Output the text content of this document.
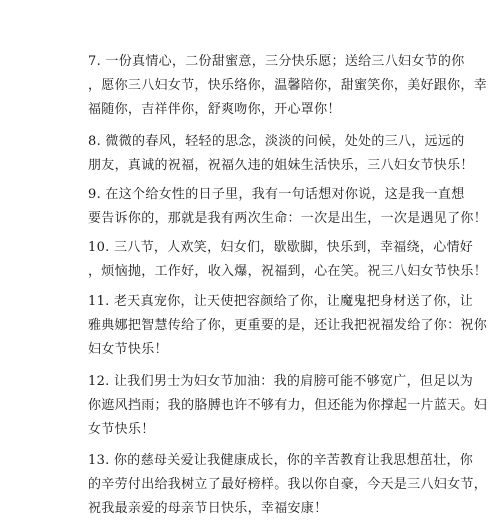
7. 一份真情心，二份甜蜜意，三分快乐愿；送给三八妇女节的你
，愿你三八妇女节，快乐络你，温馨陪你，甜蜜笑你，美好跟你，幸
福随你，吉祥伴你，舒爽吻你，开心罩你！
8. 微微的春风，轻轻的思念，淡淡的问候，处处的三八，远远的
朋友，真诚的祝福，祝福久违的姐妹生活快乐，三八妇女节快乐！
9. 在这个给女性的日子里，我有一句话想对你说，这是我一直想
要告诉你的，那就是我有两次生命：一次是出生，一次是遇见了你！
10. 三八节，人欢笑，妇女们，歇歇脚，快乐到，幸福绕，心情好
，烦恼抛，工作好，收入爆，祝福到，心在笑。祝三八妇女节快乐！
11. 老天真宠你，让天使把容颜给了你，让魔鬼把身材送了你，让
雅典娜把智慧传给了你，更重要的是，还让我把祝福发给了你：祝你
妇女节快乐！
12. 让我们男士为妇女节加油：我的肩膀可能不够宽广，但足以为
你遮风挡雨；我的胳膊也许不够有力，但还能为你撑起一片蓝天。妇
女节快乐！
13. 你的慈母关爱让我健康成长，你的辛苦教育让我思想茁壮，你
的辛劳付出给我树立了最好榜样。我以你自豪，今天是三八妇女节，
祝我最亲爱的母亲节日快乐，幸福安康！
